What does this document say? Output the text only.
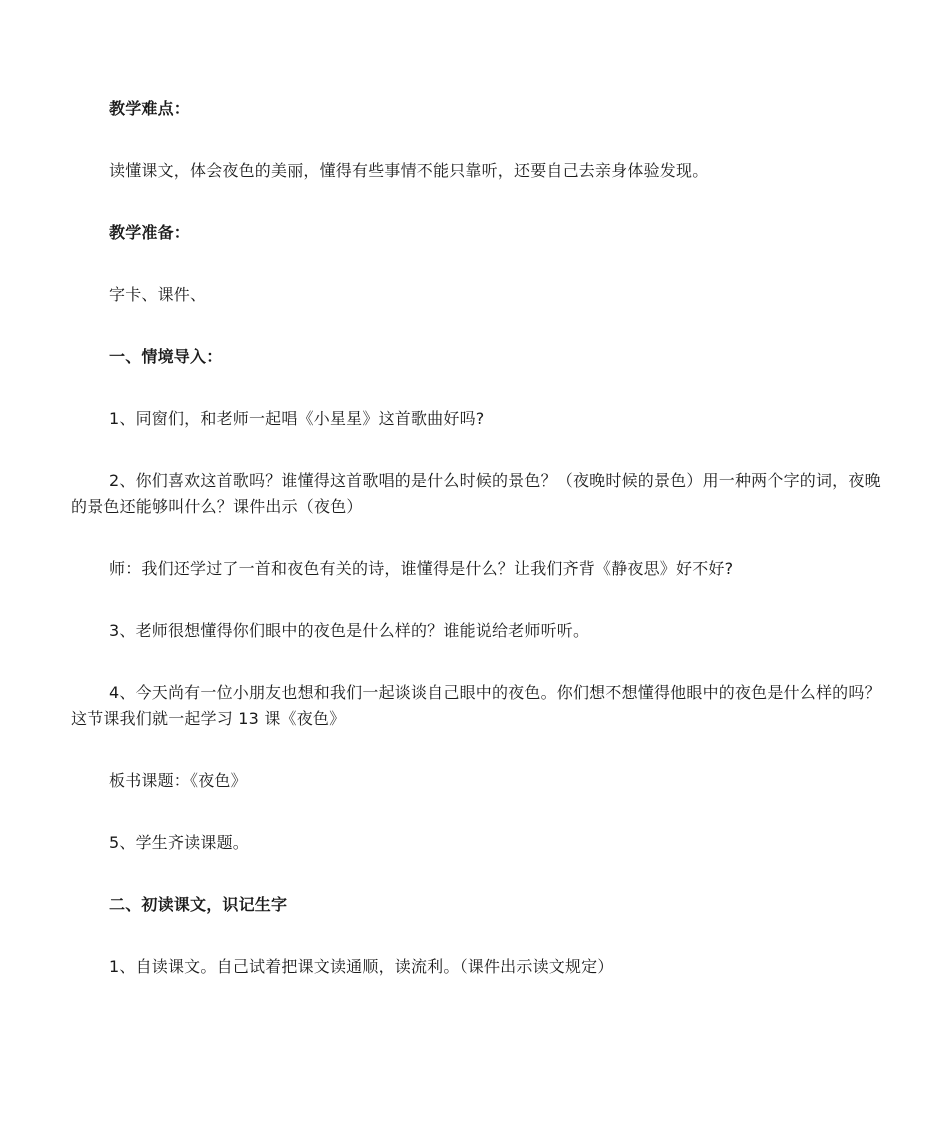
教学难点：

读懂课文，体会夜色的美丽，懂得有些事情不能只靠听，还要自己去亲身体验发现。

教学准备：

字卡、课件、

一、情境导入：

1、同窗们，和老师一起唱《小星星》这首歌曲好吗?

2、你们喜欢这首歌吗？谁懂得这首歌唱的是什么时候的景色？（夜晚时候的景色）用一种两个字的词，夜晚的景色还能够叫什么？课件出示（夜色）

师：我们还学过了一首和夜色有关的诗，谁懂得是什么？让我们齐背《静夜思》好不好?

3、老师很想懂得你们眼中的夜色是什么样的？谁能说给老师听听。

4、今天尚有一位小朋友也想和我们一起谈谈自己眼中的夜色。你们想不想懂得他眼中的夜色是什么样的吗？这节课我们就一起学习 13 课《夜色》

板书课题：《夜色》

5、学生齐读课题。

二、初读课文，识记生字

1、自读课文。自己试着把课文读通顺，读流利。（课件出示读文规定）
